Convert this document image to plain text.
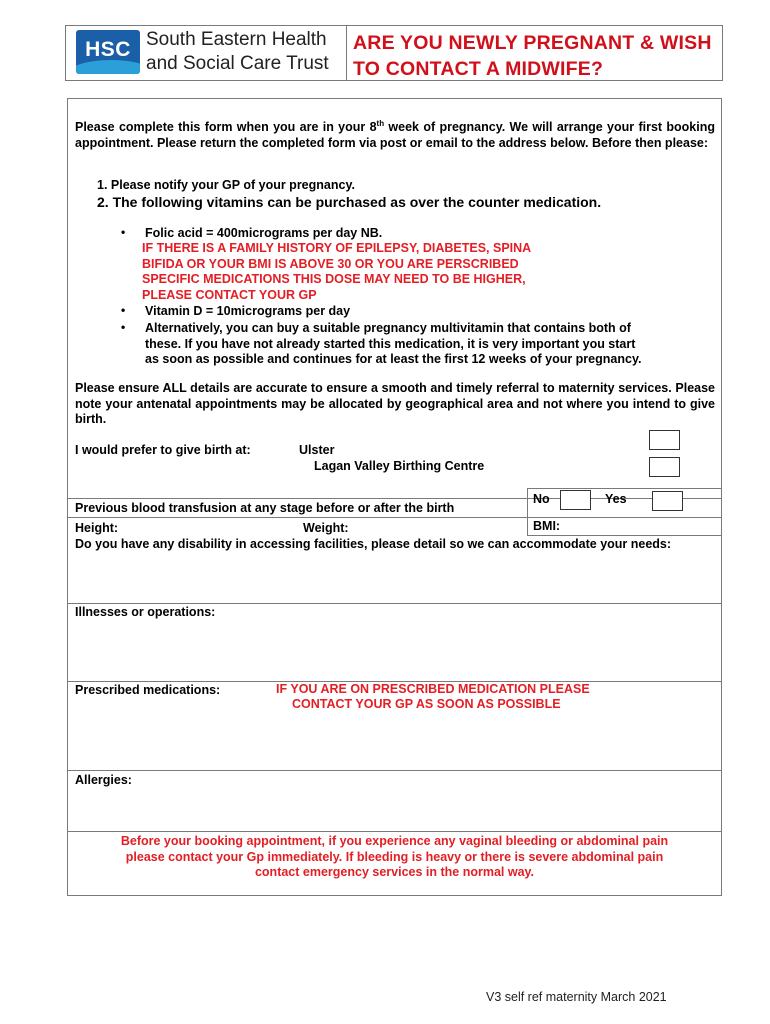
HSC South Eastern Health
and Social Care Trust
ARE YOU NEWLY PREGNANT & WISH
TO CONTACT A MIDWIFE?
Please complete this form when you are in your 8th week of pregnancy. We will arrange your first booking appointment. Please return the completed form via post or email to the address below. Before then please:
1. Please notify your GP of your pregnancy.
2. The following vitamins can be purchased as over the counter medication.
• Folic acid = 400micrograms per day NB.
IF THERE IS A FAMILY HISTORY OF EPILEPSY, DIABETES, SPINA
BIFIDA OR YOUR BMI IS ABOVE 30 OR YOU ARE PERSCRIBED
SPECIFIC MEDICATIONS THIS DOSE MAY NEED TO BE HIGHER,
PLEASE CONTACT YOUR GP
• Vitamin D = 10micrograms per day
• Alternatively, you can buy a suitable pregnancy multivitamin that contains both of
these. If you have not already started this medication, it is very important you start
as soon as possible and continues for at least the first 12 weeks of your pregnancy.
Please ensure ALL details are accurate to ensure a smooth and timely referral to maternity services. Please note your antenatal appointments may be allocated by geographical area and not where you intend to give birth.
I would prefer to give birth at:	Ulster
Lagan Valley Birthing Centre
Previous blood transfusion at any stage before or after the birth
No	Yes
Height:	Weight:	BMI:
Do you have any disability in accessing facilities, please detail so we can accommodate your needs:
Illnesses or operations:
Prescribed medications:	IF YOU ARE ON PRESCRIBED MEDICATION PLEASE
CONTACT YOUR GP AS SOON AS POSSIBLE
Allergies:
Before your booking appointment, if you experience any vaginal bleeding or abdominal pain
please contact your Gp immediately. If bleeding is heavy or there is severe abdominal pain
contact emergency services in the normal way.
V3 self ref maternity March 2021
